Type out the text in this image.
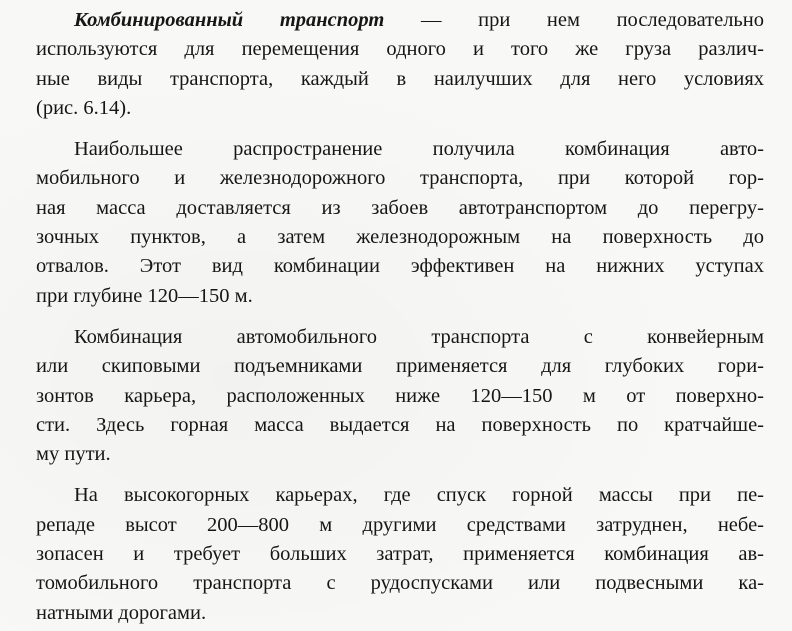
Комбинированный транспорт — при нем последовательно
используются для перемещения одного и того же груза различ-
ные виды транспорта, каждый в наилучших для него условиях
(рис. 6.14).

Наибольшее распространение получила комбинация авто-
мобильного и железнодорожного транспорта, при которой гор-
ная масса доставляется из забоев автотранспортом до перегру-
зочных пунктов, а затем железнодорожным на поверхность до
отвалов. Этот вид комбинации эффективен на нижних уступах
при глубине 120—150 м.

Комбинация автомобильного транспорта с конвейерным
или скиповыми подъемниками применяется для глубоких гори-
зонтов карьера, расположенных ниже 120—150 м от поверхно-
сти. Здесь горная масса выдается на поверхность по кратчайше-
му пути.

На высокогорных карьерах, где спуск горной массы при пе-
репаде высот 200—800 м другими средствами затруднен, небе-
зопасен и требует больших затрат, применяется комбинация ав-
томобильного транспорта с рудоспусками или подвесными ка-
натными дорогами.
